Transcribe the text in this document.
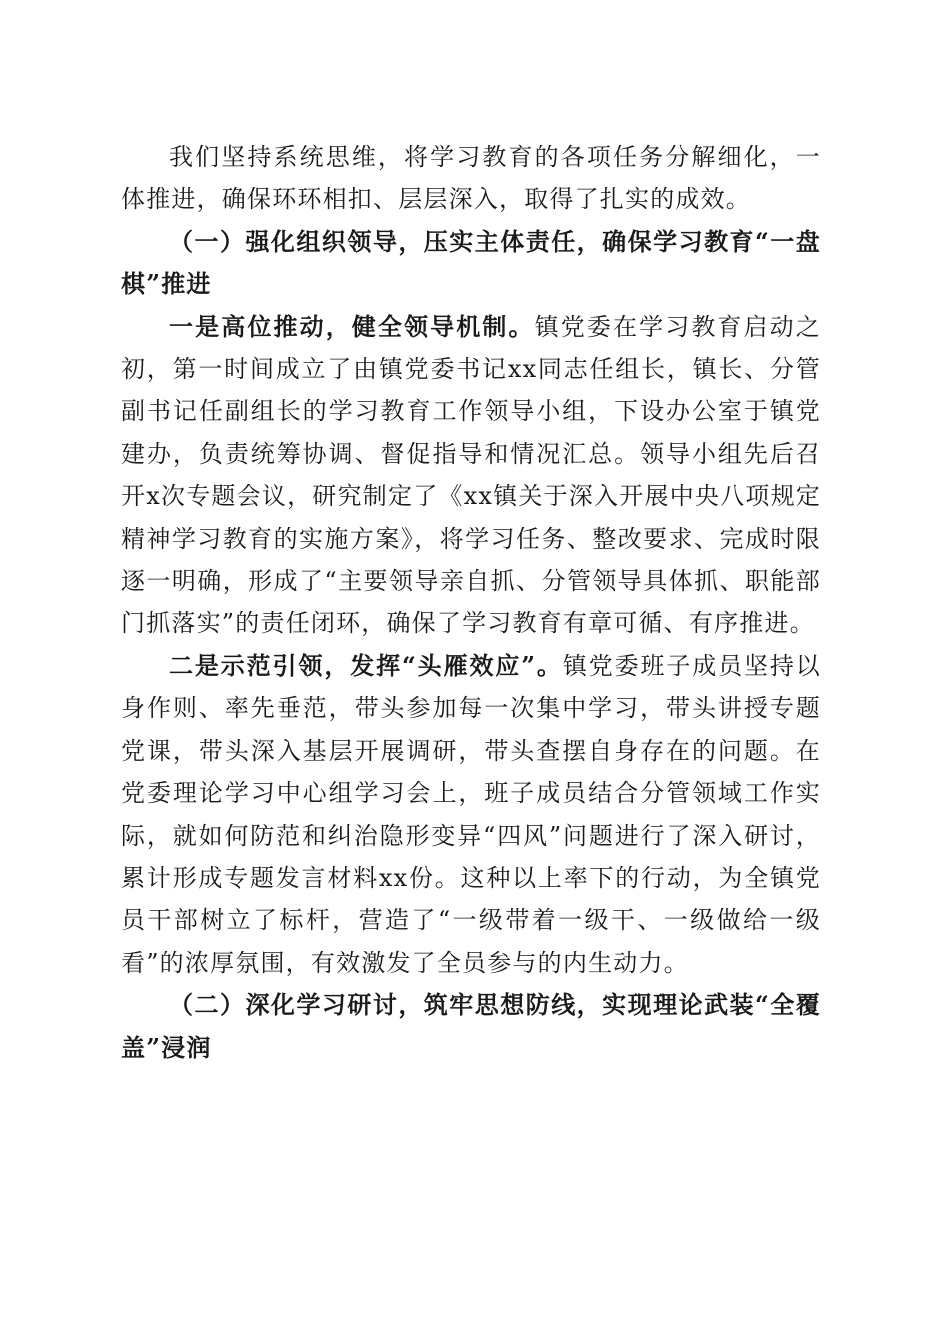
我们坚持系统思维，将学习教育的各项任务分解细化，一体推进，确保环环相扣、层层深入，取得了扎实的成效。

（一）强化组织领导，压实主体责任，确保学习教育“一盘棋”推进

一是高位推动，健全领导机制。镇党委在学习教育启动之初，第一时间成立了由镇党委书记xx同志任组长，镇长、分管副书记任副组长的学习教育工作领导小组，下设办公室于镇党建办，负责统筹协调、督促指导和情况汇总。领导小组先后召开x次专题会议，研究制定了《xx镇关于深入开展中央八项规定精神学习教育的实施方案》，将学习任务、整改要求、完成时限逐一明确，形成了“主要领导亲自抓、分管领导具体抓、职能部门抓落实”的责任闭环，确保了学习教育有章可循、有序推进。

二是示范引领，发挥“头雁效应”。镇党委班子成员坚持以身作则、率先垂范，带头参加每一次集中学习，带头讲授专题党课，带头深入基层开展调研，带头查摆自身存在的问题。在党委理论学习中心组学习会上，班子成员结合分管领域工作实际，就如何防范和纠治隐形变异“四风”问题进行了深入研讨，累计形成专题发言材料xx份。这种以上率下的行动，为全镇党员干部树立了标杆，营造了“一级带着一级干、一级做给一级看”的浓厚氛围，有效激发了全员参与的内生动力。

（二）深化学习研讨，筑牢思想防线，实现理论武装“全覆盖”浸润
